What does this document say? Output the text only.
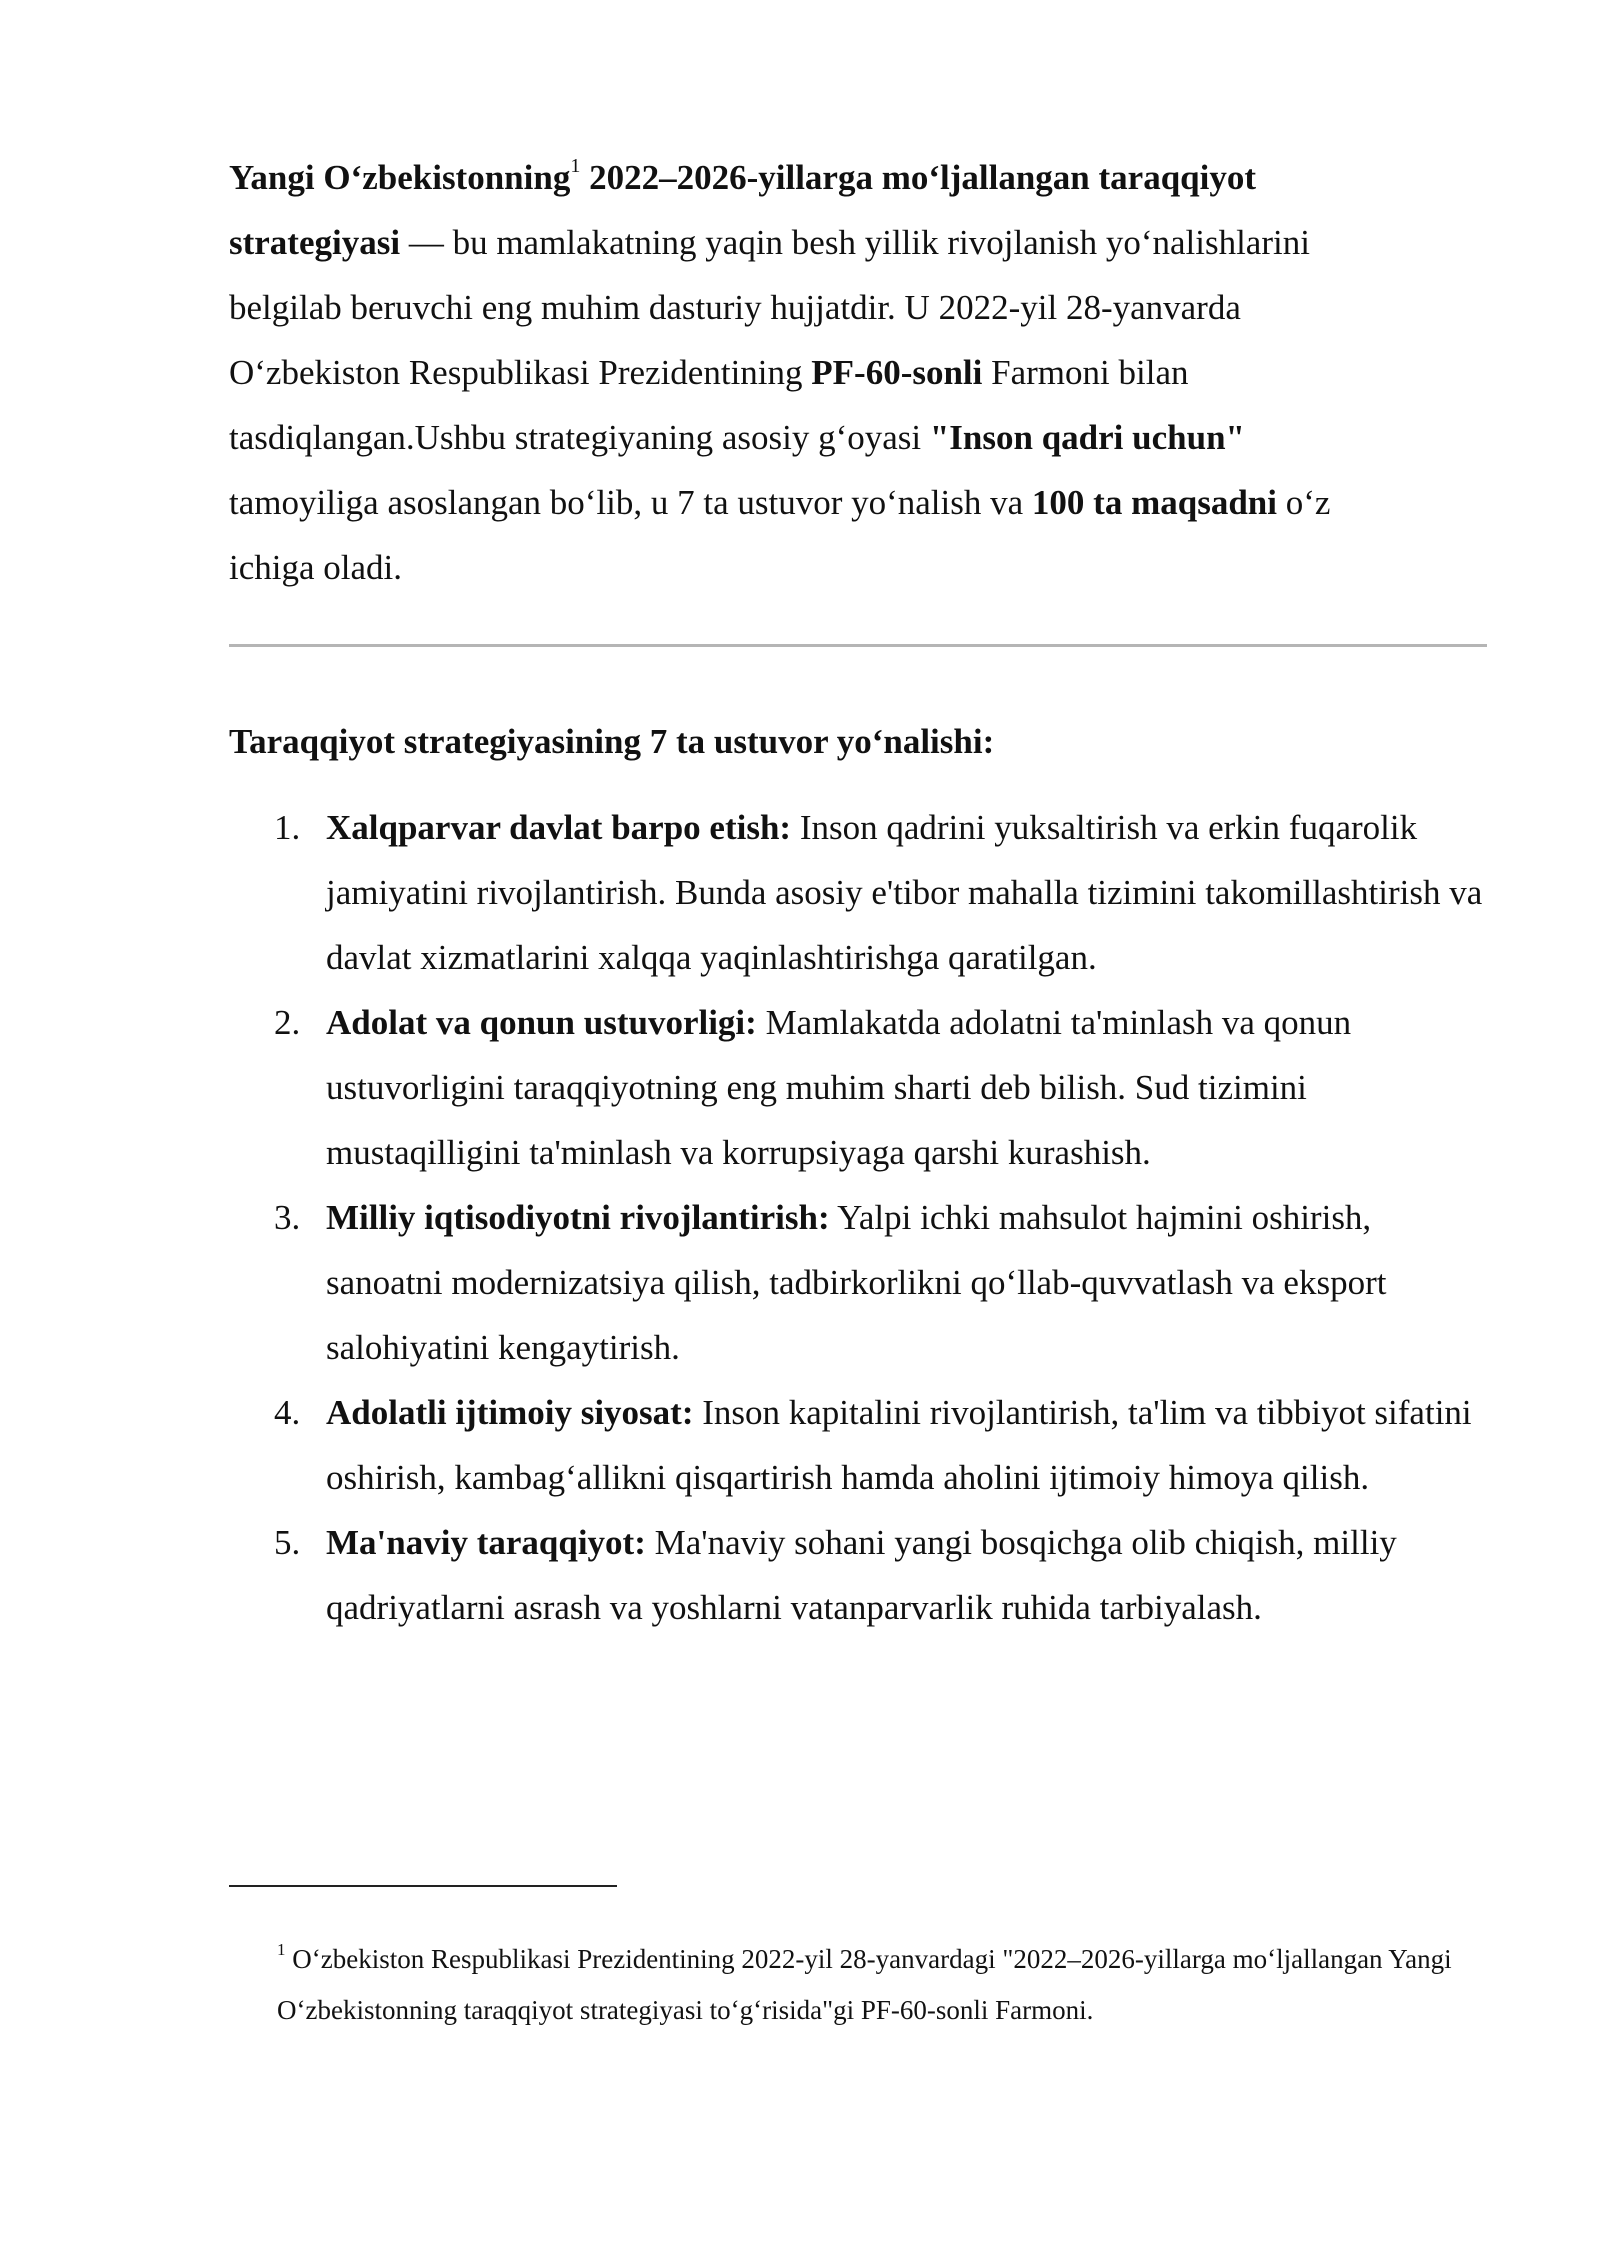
Yangi O‘zbekistonning$^1$ 2022–2026-yillarga mo‘ljallangan taraqqiyot strategiyasi — bu mamlakatning yaqin besh yillik rivojlanish yo‘nalishlarini belgilab beruvchi eng muhim dasturiy hujjatdir. U 2022-yil 28-yanvarda O‘zbekiston Respublikasi Prezidentining PF-60-sonli Farmoni bilan tasdiqlangan.Ushbu strategiyaning asosiy g‘oyasi "Inson qadri uchun" tamoyiliga asoslangan bo‘lib, u 7 ta ustuvor yo‘nalish va 100 ta maqsadni o‘z ichiga oladi.

Taraqqiyot strategiyasining 7 ta ustuvor yo‘nalishi:

1. Xalqparvar davlat barpo etish: Inson qadrini yuksaltirish va erkin fuqarolik jamiyatini rivojlantirish. Bunda asosiy e'tibor mahalla tizimini takomillashtirish va davlat xizmatlarini xalqqa yaqinlashtirishga qaratilgan.
2. Adolat va qonun ustuvorligi: Mamlakatda adolatni ta'minlash va qonun ustuvorligini taraqqiyotning eng muhim sharti deb bilish. Sud tizimini mustaqilligini ta'minlash va korrupsiyaga qarshi kurashish.
3. Milliy iqtisodiyotni rivojlantirish: Yalpi ichki mahsulot hajmini oshirish, sanoatni modernizatsiya qilish, tadbirkorlikni qo‘llab-quvvatlash va eksport salohiyatini kengaytirish.
4. Adolatli ijtimoiy siyosat: Inson kapitalini rivojlantirish, ta'lim va tibbiyot sifatini oshirish, kambag‘allikni qisqartirish hamda aholini ijtimoiy himoya qilish.
5. Ma'naviy taraqqiyot: Ma'naviy sohani yangi bosqichga olib chiqish, milliy qadriyatlarni asrash va yoshlarni vatanparvarlik ruhida tarbiyalash.

$^1$ O‘zbekiston Respublikasi Prezidentining 2022-yil 28-yanvardagi "2022–2026-yillarga mo‘ljallangan Yangi O‘zbekistonning taraqqiyot strategiyasi to‘g‘risida"gi PF-60-sonli Farmoni.
